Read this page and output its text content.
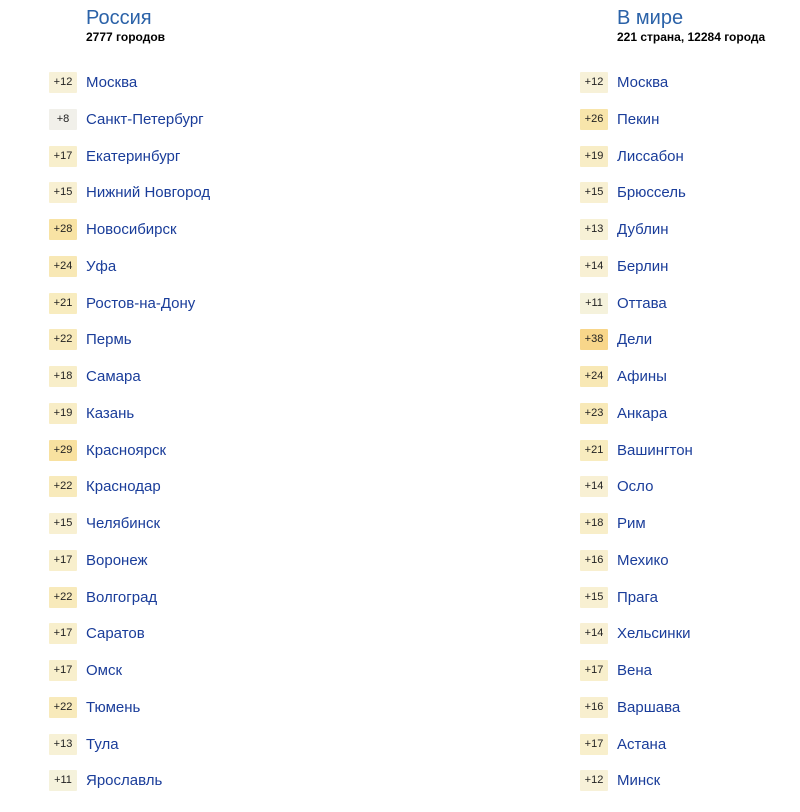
Россия
2777 городов
+12 Москва
+8	Санкт-Петербург
+17 Екатеринбург
+15 Нижний Новгород
+28 Новосибирск
+24 Уфа
+21 Ростов-на-Дону
+22 Пермь
+18 Самара
+19 Казань
+29 Красноярск
+22 Краснодар
+15 Челябинск
+17 Воронеж
+22 Волгоград
+17 Саратов
+17 Омск
+22 Тюмень
+13 Тула
+11 Ярославль
В мире
221 страна, 12284 города
+12 Москва
+26 Пекин
+19 Лиссабон
+15 Брюссель
+13 Дублин
+14 Берлин
+11 Оттава
+38 Дели
+24 Афины
+23 Анкара
+21 Вашингтон
+14 Осло
+18 Рим
+16 Мехико
+15 Прага
+14 Хельсинки
+17 Вена
+16 Варшава
+17 Астана
+12 Минск
